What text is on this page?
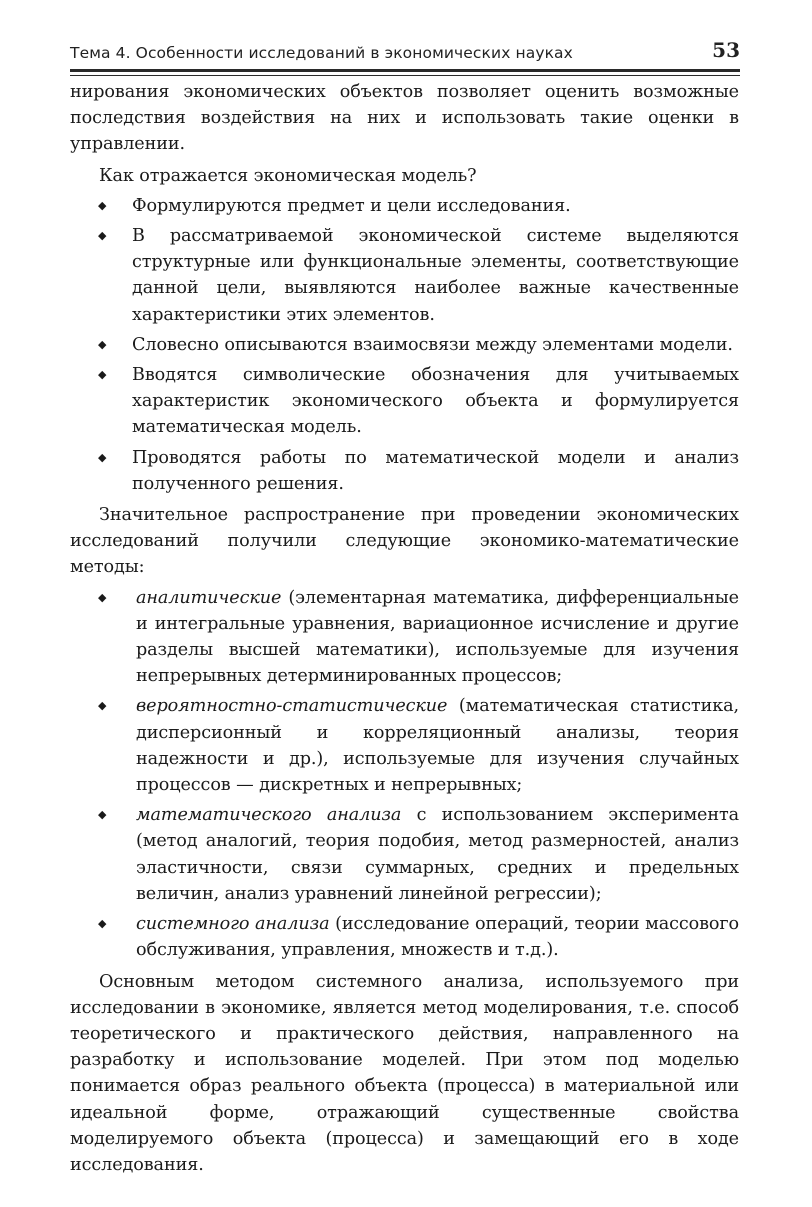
Тема 4. Особенности исследований в экономических науках	53

нирования экономических объектов позволяет оценить возможные последствия воздействия на них и использовать такие оценки в управлении.

Как отражается экономическая модель?

◆ Формулируются предмет и цели исследования.
◆ В рассматриваемой экономической системе выделяются структурные или функциональные элементы, соответствующие данной цели, выявляются наиболее важные качественные характеристики этих элементов.
◆ Словесно описываются взаимосвязи между элементами модели.
◆ Вводятся символические обозначения для учитываемых характеристик экономического объекта и формулируется математическая модель.
◆ Проводятся работы по математической модели и анализ полученного решения.

Значительное распространение при проведении экономических исследований получили следующие экономико-математические методы:

◆ аналитические (элементарная математика, дифференциальные и интегральные уравнения, вариационное исчисление и другие разделы высшей математики), используемые для изучения непрерывных детерминированных процессов;
◆ вероятностно-статистические (математическая статистика, дисперсионный и корреляционный анализы, теория надежности и др.), используемые для изучения случайных процессов — дискретных и непрерывных;
◆ математического анализа с использованием эксперимента (метод аналогий, теория подобия, метод размерностей, анализ эластичности, связи суммарных, средних и предельных величин, анализ уравнений линейной регрессии);
◆ системного анализа (исследование операций, теории массового обслуживания, управления, множеств и т.д.).

Основным методом системного анализа, используемого при исследовании в экономике, является метод моделирования, т.е. способ теоретического и практического действия, направленного на разработку и использование моделей. При этом под моделью понимается образ реального объекта (процесса) в материальной или идеальной форме, отражающий существенные свойства моделируемого объекта (процесса) и замещающий его в ходе исследования.
